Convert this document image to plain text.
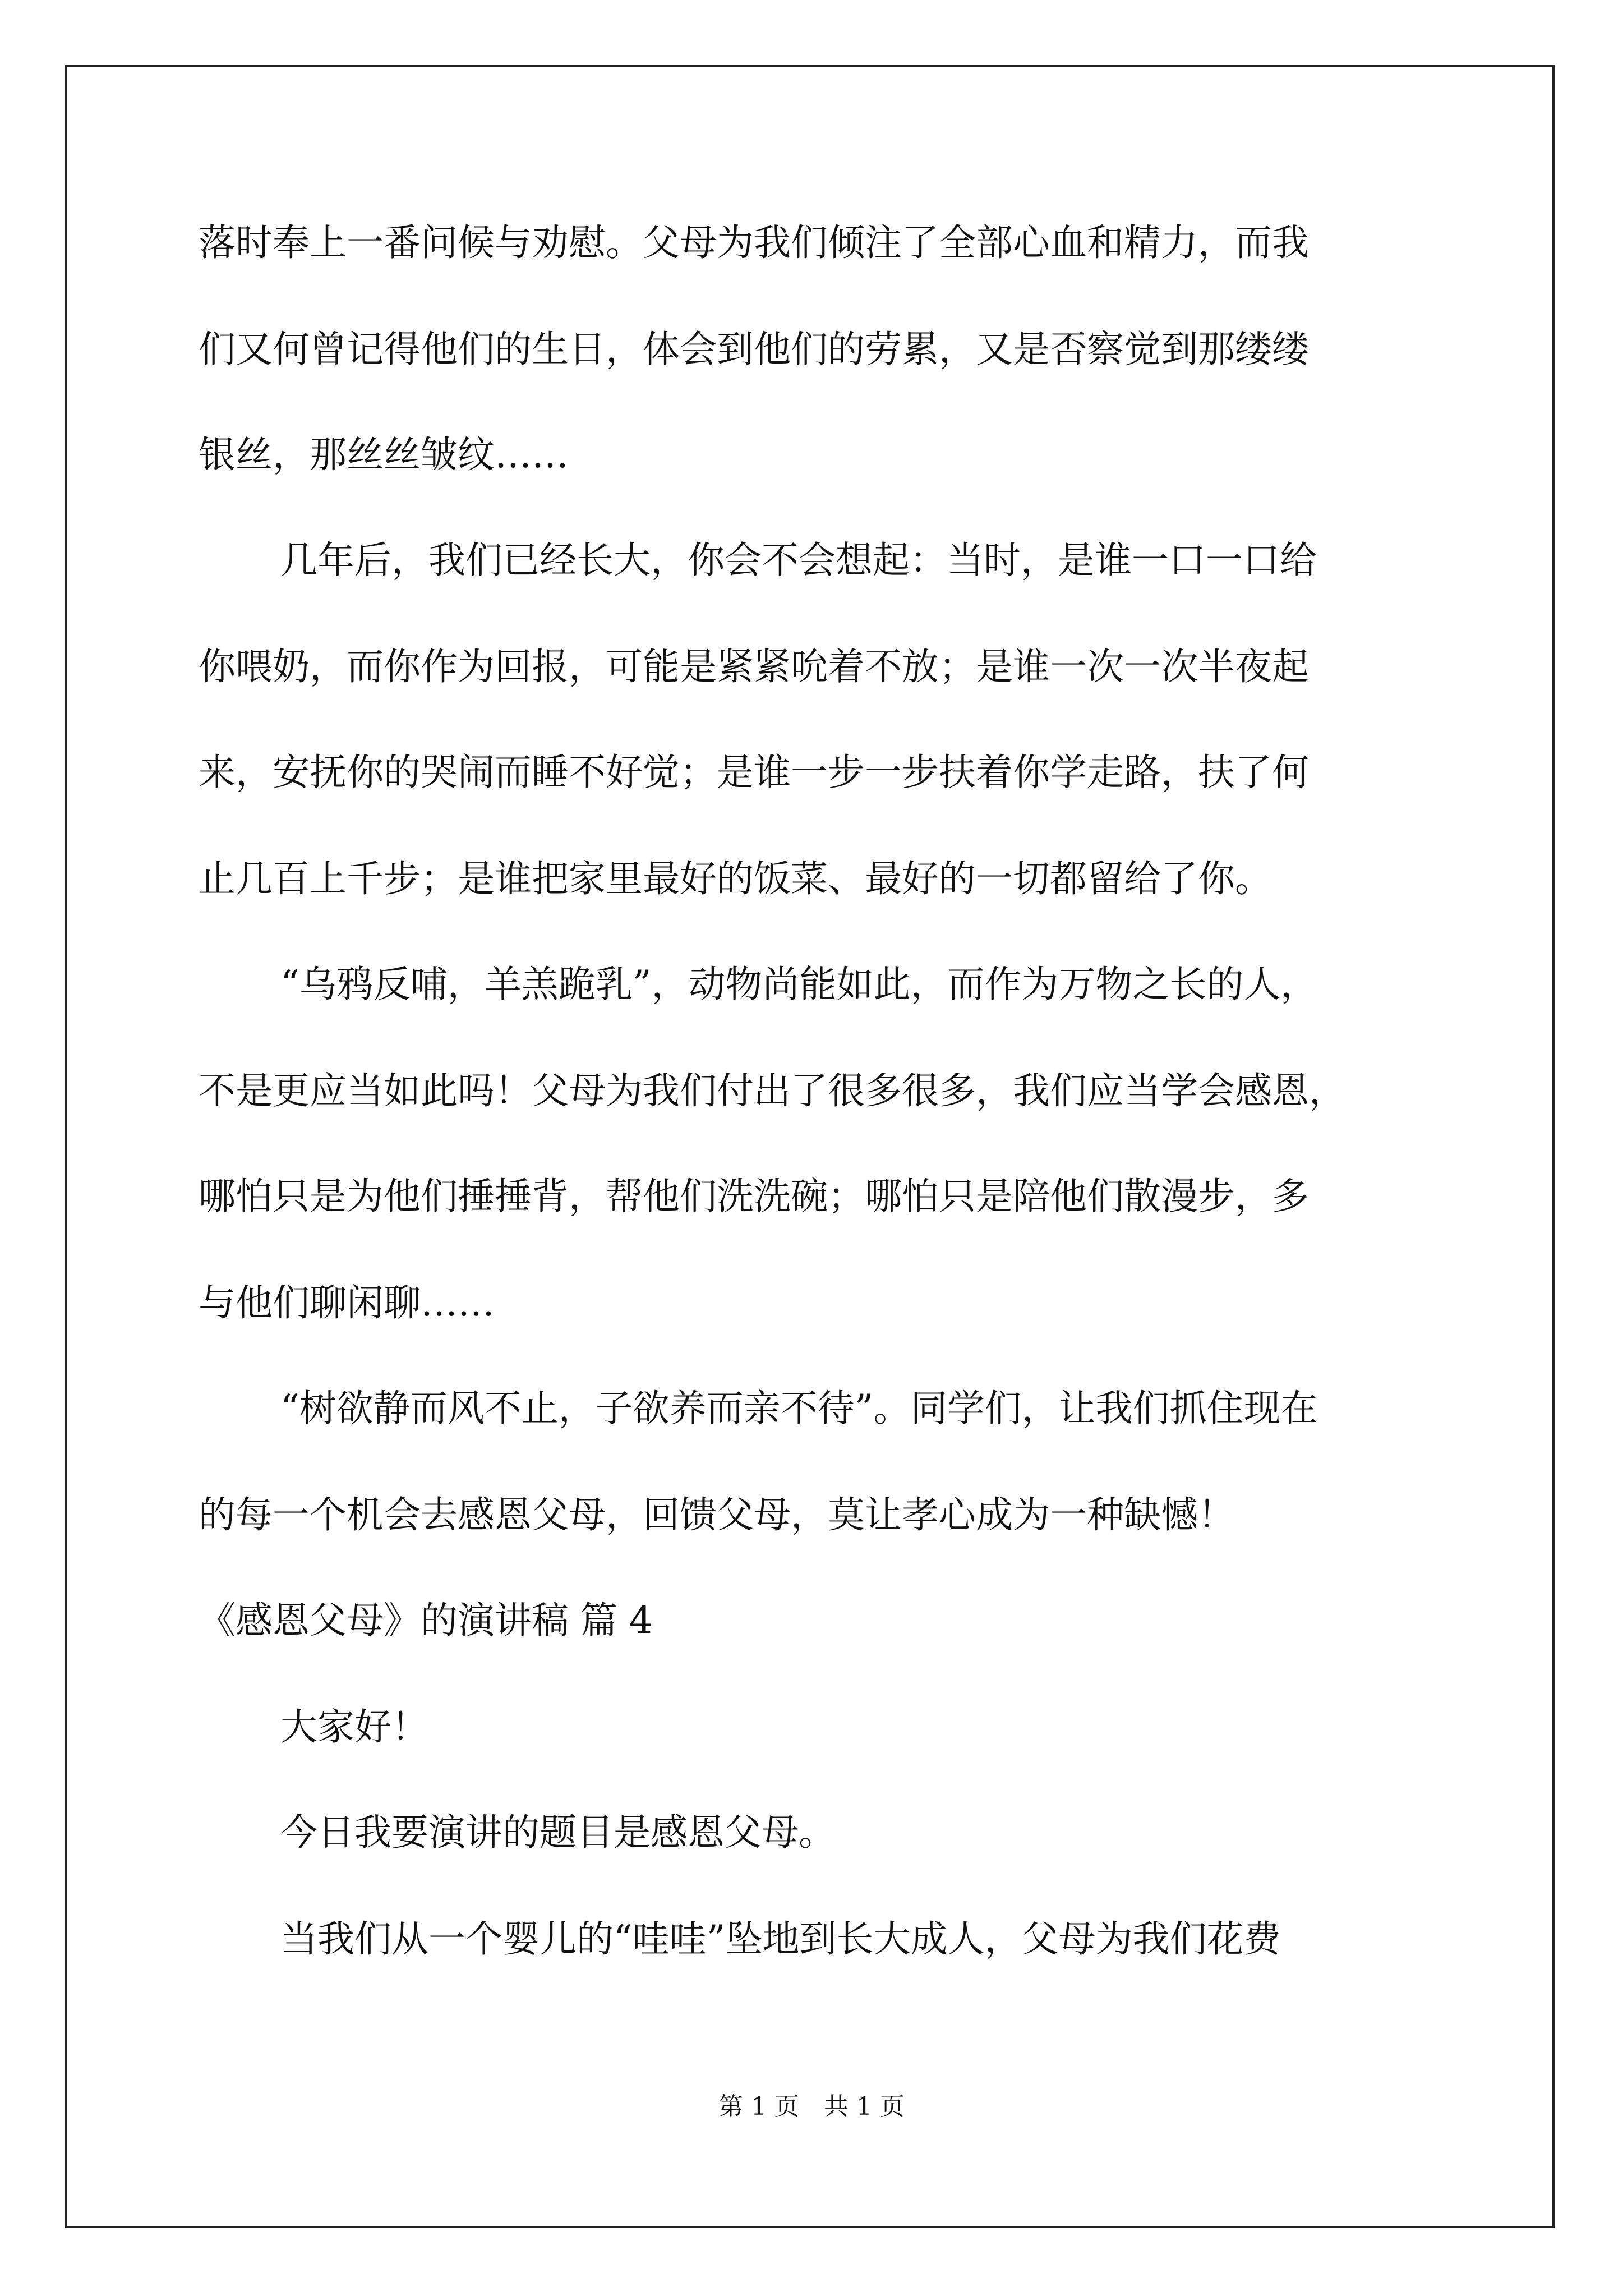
落时奉上一番问候与劝慰。父母为我们倾注了全部心血和精力，而我
们又何曾记得他们的生日，体会到他们的劳累，又是否察觉到那缕缕
银丝，那丝丝皱纹……
几年后，我们已经长大，你会不会想起：当时，是谁一口一口给
你喂奶，而你作为回报，可能是紧紧吮着不放；是谁一次一次半夜起
来，安抚你的哭闹而睡不好觉；是谁一步一步扶着你学走路，扶了何
止几百上千步；是谁把家里最好的饭菜、最好的一切都留给了你。
“乌鸦反哺，羊羔跪乳”，动物尚能如此，而作为万物之长的人，
不是更应当如此吗！父母为我们付出了很多很多，我们应当学会感恩，
哪怕只是为他们捶捶背，帮他们洗洗碗；哪怕只是陪他们散漫步，多
与他们聊闲聊……
“树欲静而风不止，子欲养而亲不待”。同学们，让我们抓住现在
的每一个机会去感恩父母，回馈父母，莫让孝心成为一种缺憾！
《感恩父母》的演讲稿 篇 4
大家好！
今日我要演讲的题目是感恩父母。
当我们从一个婴儿的“哇哇”坠地到长大成人，父母为我们花费
第 1 页　共 1 页
